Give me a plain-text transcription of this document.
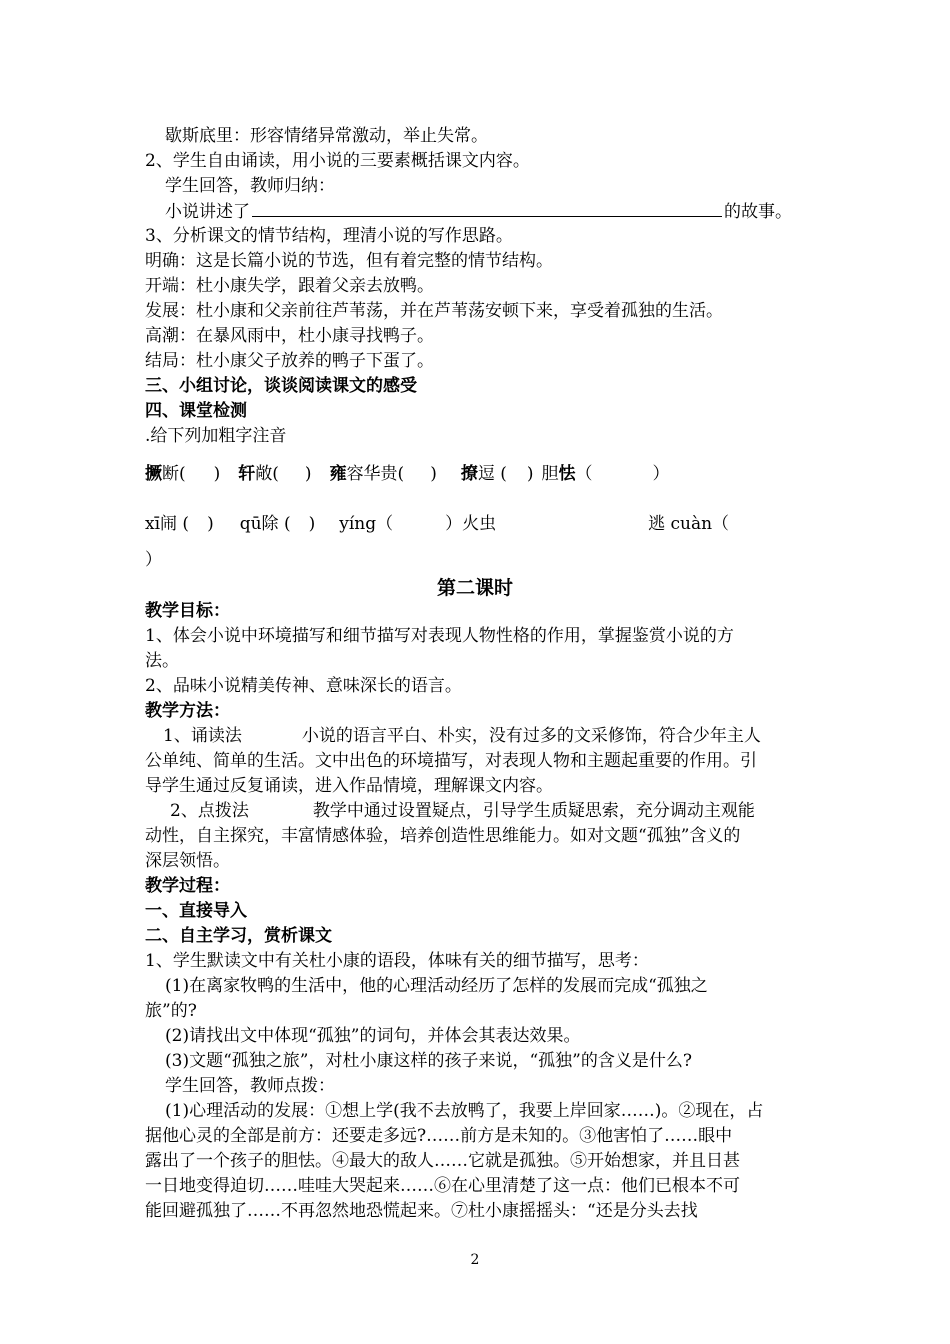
歇斯底里：形容情绪异常激动，举止失常。
2、学生自由诵读，用小说的三要素概括课文内容。
学生回答，教师归纳：
小说讲述了	的故事。
3、分析课文的情节结构，理清小说的写作思路。
明确：这是长篇小说的节选，但有着完整的情节结构。
开端：杜小康失学，跟着父亲去放鸭。
发展：杜小康和父亲前往芦苇荡，并在芦苇荡安顿下来，享受着孤独的生活。
高潮：在暴风雨中，杜小康寻找鸭子。
结局：杜小康父子放养的鸭子下蛋了。
三、小组讨论，谈谈阅读课文的感受
四、课堂检测
.给下列加粗字注音
撅断( ) 轩敞( ) 雍容华贵( ) 撩逗 ( ) 胆怯（	）
xī闹 ( ) qū除 ( ) yíng（	）火虫	逃 cuàn（
）
第二课时
教学目标：
1、体会小说中环境描写和细节描写对表现人物性格的作用，掌握鉴赏小说的方
法。
2、品味小说精美传神、意味深长的语言。
教学方法：
1、诵读法	小说的语言平白、朴实，没有过多的文采修饰，符合少年主人
公单纯、简单的生活。文中出色的环境描写，对表现人物和主题起重要的作用。引
导学生通过反复诵读，进入作品情境，理解课文内容。
2、点拨法	教学中通过设置疑点，引导学生质疑思索，充分调动主观能
动性，自主探究，丰富情感体验，培养创造性思维能力。如对文题“孤独”含义的
深层领悟。
教学过程：
一、直接导入
二、自主学习，赏析课文
1、学生默读文中有关杜小康的语段，体味有关的细节描写，思考：
(1)在离家牧鸭的生活中，他的心理活动经历了怎样的发展而完成“孤独之
旅”的?
(2)请找出文中体现“孤独”的词句，并体会其表达效果。
(3)文题“孤独之旅”，对杜小康这样的孩子来说，“孤独”的含义是什么?
学生回答，教师点拨：
(1)心理活动的发展：①想上学(我不去放鸭了，我要上岸回家……)。②现在，占
据他心灵的全部是前方：还要走多远?……前方是未知的。③他害怕了……眼中
露出了一个孩子的胆怯。④最大的敌人……它就是孤独。⑤开始想家，并且日甚
一日地变得迫切……哇哇大哭起来……⑥在心里清楚了这一点：他们已根本不可
能回避孤独了……不再忽然地恐慌起来。⑦杜小康摇摇头：“还是分头去找
2
